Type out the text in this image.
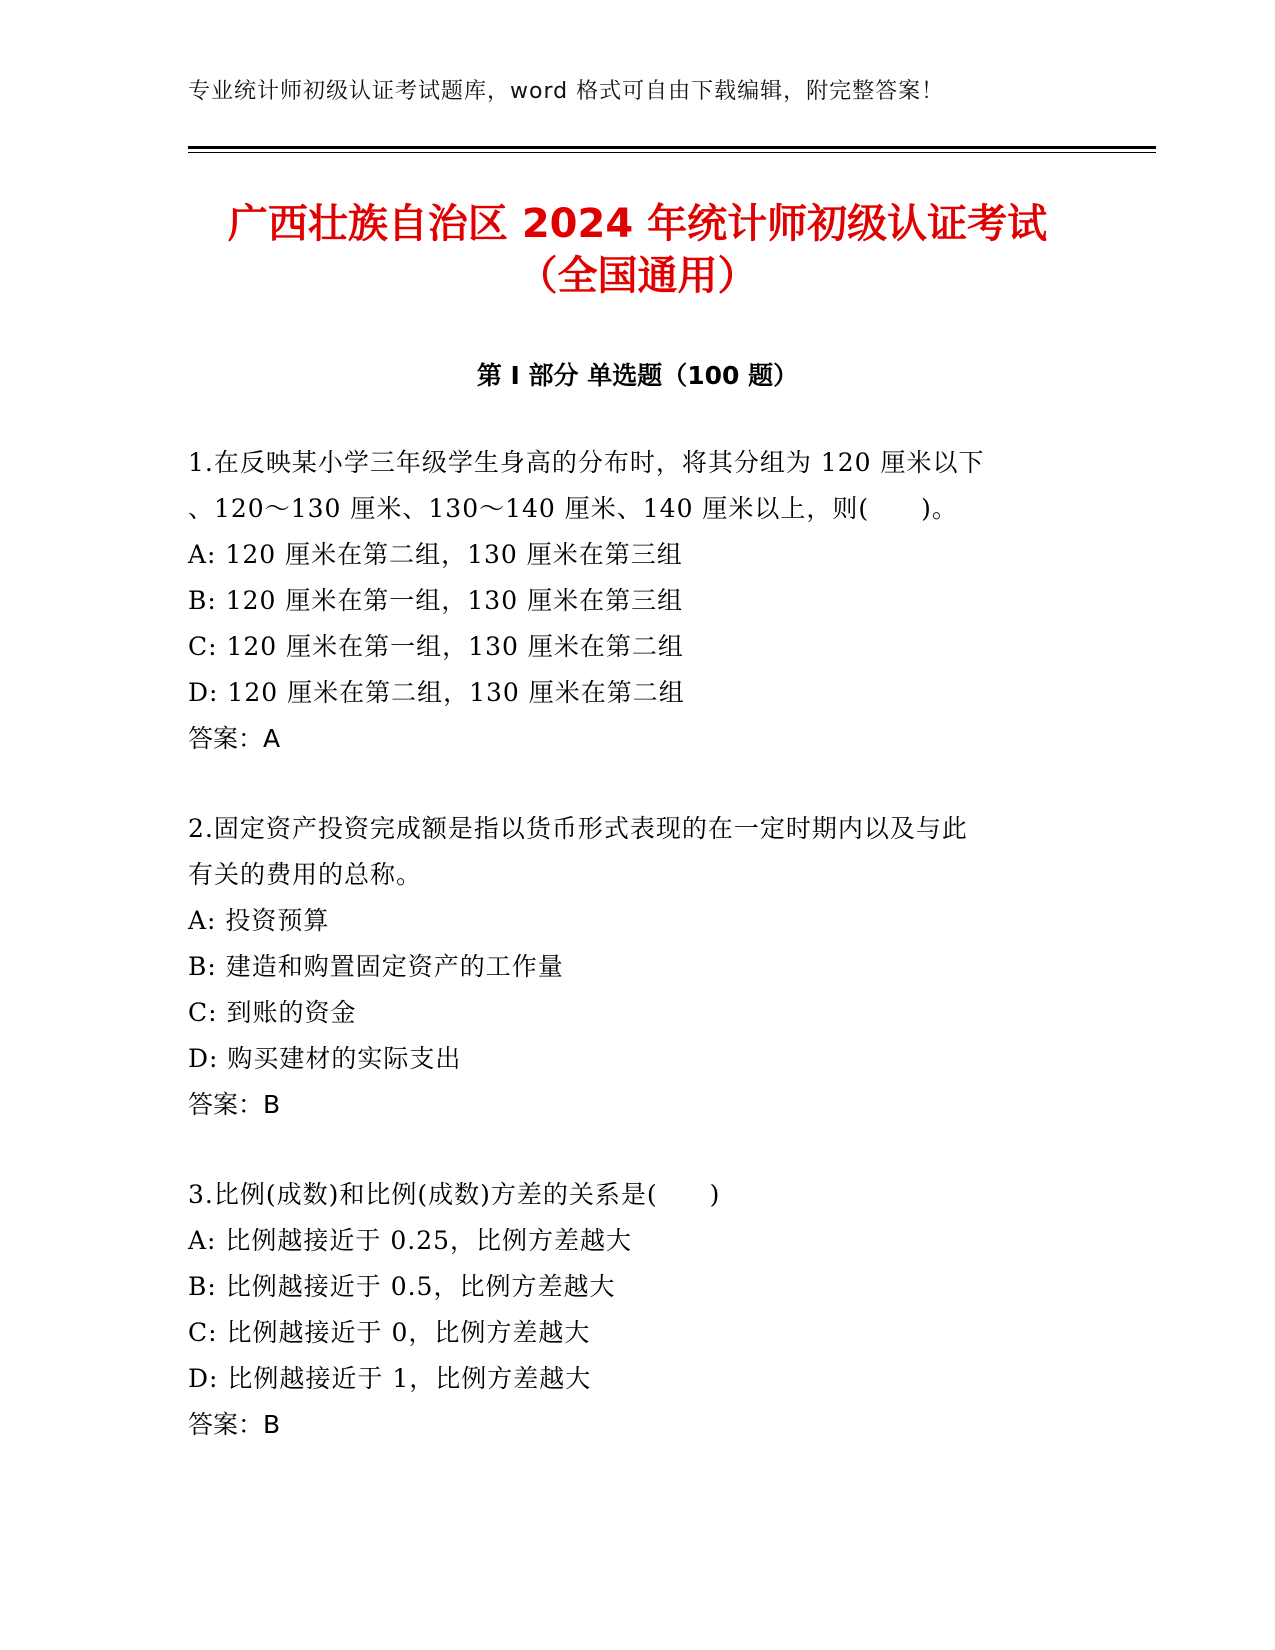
专业统计师初级认证考试题库，word 格式可自由下载编辑，附完整答案！
广西壮族自治区 2024 年统计师初级认证考试
（全国通用）
第 I 部分 单选题（100 题）

1.在反映某小学三年级学生身高的分布时，将其分组为 120 厘米以下

、120～130 厘米、130～140 厘米、140 厘米以上，则(　　)。

A: 120 厘米在第二组，130 厘米在第三组

B: 120 厘米在第一组，130 厘米在第三组

C: 120 厘米在第一组，130 厘米在第二组

D: 120 厘米在第二组，130 厘米在第二组

答案：A

2.固定资产投资完成额是指以货币形式表现的在一定时期内以及与此

有关的费用的总称。

A: 投资预算

B: 建造和购置固定资产的工作量

C: 到账的资金

D: 购买建材的实际支出

答案：B

3.比例(成数)和比例(成数)方差的关系是(　　)

A: 比例越接近于 0.25，比例方差越大

B: 比例越接近于 0.5，比例方差越大

C: 比例越接近于 0，比例方差越大

D: 比例越接近于 1，比例方差越大

答案：B
